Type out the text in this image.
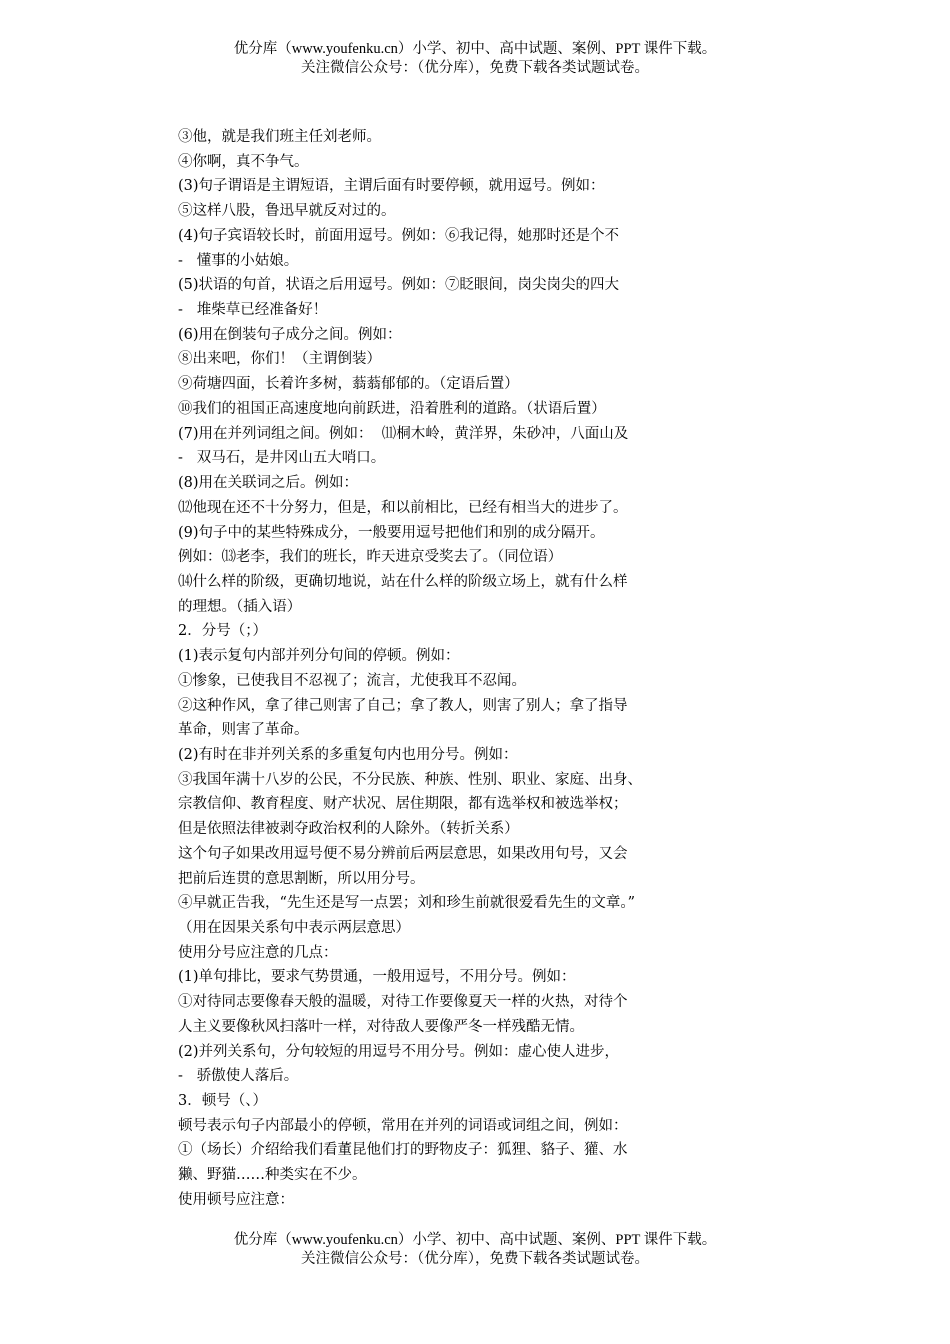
优分库（www.youfenku.cn）小学、初中、高中试题、案例、PPT 课件下载。
关注微信公众号：（优分库），免费下载各类试题试卷。
③他，就是我们班主任刘老师。
④你啊，真不争气。
(3)句子谓语是主谓短语，主谓后面有时要停顿，就用逗号。例如：
⑤这样八股，鲁迅早就反对过的。
(4)句子宾语较长时，前面用逗号。例如：⑥我记得，她那时还是个不
-   懂事的小姑娘。
(5)状语的句首，状语之后用逗号。例如：⑦眨眼间，岗尖岗尖的四大
-   堆柴草已经准备好！
(6)用在倒装句子成分之间。例如：
⑧出来吧，你们！（主谓倒装）
⑨荷塘四面，长着许多树，蓊蓊郁郁的。（定语后置）
⑩我们的祖国正高速度地向前跃进，沿着胜利的道路。（状语后置）
(7)用在并列词组之间。例如：  ⑾桐木岭，黄洋界，朱砂冲，八面山及
-   双马石，是井冈山五大哨口。
(8)用在关联词之后。例如：
⑿他现在还不十分努力，但是，和以前相比，已经有相当大的进步了。
(9)句子中的某些特殊成分，一般要用逗号把他们和别的成分隔开。
例如：⒀老李，我们的班长，昨天进京受奖去了。（同位语）
⒁什么样的阶级，更确切地说，站在什么样的阶级立场上，就有什么样
的理想。（插入语）
2．分号（；）
(1)表示复句内部并列分句间的停顿。例如：
①惨象，已使我目不忍视了；流言，尤使我耳不忍闻。
②这种作风，拿了律己则害了自己；拿了教人，则害了别人；拿了指导
革命，则害了革命。
(2)有时在非并列关系的多重复句内也用分号。例如：
③我国年满十八岁的公民，不分民族、种族、性别、职业、家庭、出身、
宗教信仰、教育程度、财产状况、居住期限，都有选举权和被选举权；
但是依照法律被剥夺政治权利的人除外。（转折关系）
这个句子如果改用逗号便不易分辨前后两层意思，如果改用句号，又会
把前后连贯的意思割断，所以用分号。
④早就正告我，“先生还是写一点罢；刘和珍生前就很爱看先生的文章。”
（用在因果关系句中表示两层意思）
使用分号应注意的几点：
(1)单句排比，要求气势贯通，一般用逗号，不用分号。例如：
①对待同志要像春天般的温暖，对待工作要像夏天一样的火热，对待个
人主义要像秋风扫落叶一样，对待敌人要像严冬一样残酷无情。
(2)并列关系句，分句较短的用逗号不用分号。例如：虚心使人进步，
-   骄傲使人落后。
3．顿号（、）
顿号表示句子内部最小的停顿，常用在并列的词语或词组之间，例如：
①（场长）介绍给我们看董昆他们打的野物皮子：狐狸、貉子、獾、水
獭、野猫……种类实在不少。
使用顿号应注意：
优分库（www.youfenku.cn）小学、初中、高中试题、案例、PPT 课件下载。
关注微信公众号：（优分库），免费下载各类试题试卷。
